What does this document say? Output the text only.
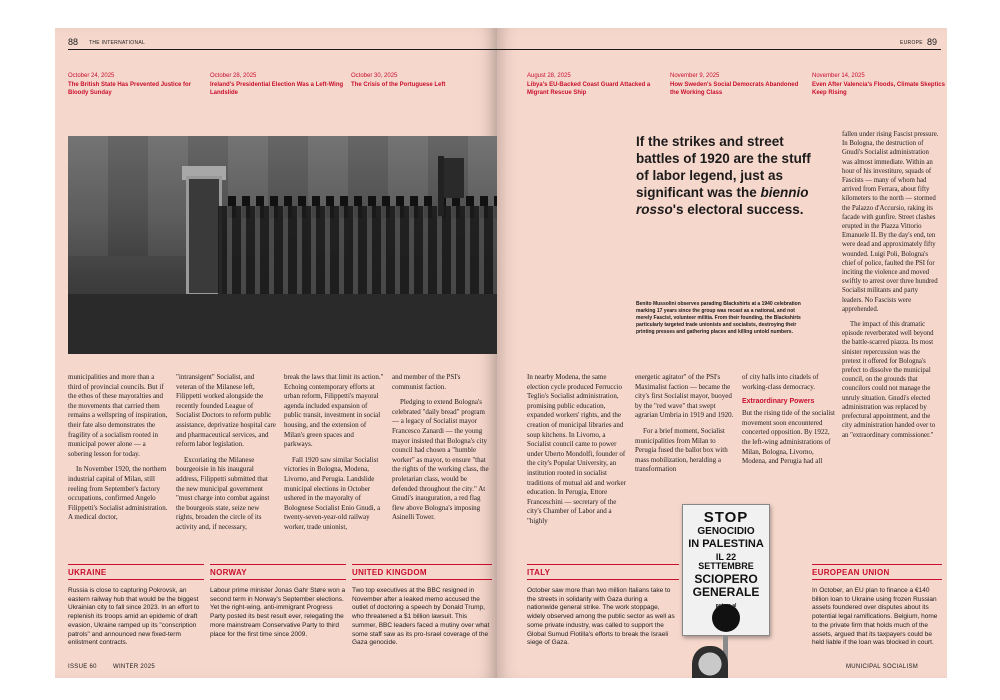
88 THE INTERNATIONAL
October 24, 2025
The British State Has Prevented Justice for Bloody Sunday
October 28, 2025
Ireland's Presidential Election Was a Left-Wing Landslide
October 30, 2025
The Crisis of the Portuguese Left

municipalities and more than a third of provincial councils. But if the ethos of these mayoralties and the movements that carried them remains a wellspring of inspiration, their fate also demonstrates the fragility of a socialism rooted in municipal power alone — a sobering lesson for today.

In November 1920, the northern industrial capital of Milan, still reeling from September's factory occupations, confirmed Angelo Filippetti's Socialist administration. A medical doctor,

"intransigent" Socialist, and veteran of the Milanese left, Filippetti worked alongside the recently founded League of Socialist Doctors to reform public assistance, deprivatize hospital care and pharmaceutical services, and reform labor legislation.

Excoriating the Milanese bourgeoisie in his inaugural address, Filippetti submitted that the new municipal government "must charge into combat against the bourgeois state, seize new rights, broaden the circle of its activity and, if necessary,

break the laws that limit its action." Echoing contemporary efforts at urban reform, Filippetti's mayoral agenda included expansion of public transit, investment in social housing, and the extension of Milan's green spaces and parkways.

Fall 1920 saw similar Socialist victories in Bologna, Modena, Livorno, and Perugia. Landslide municipal elections in October ushered in the mayoralty of Bolognese Socialist Enio Gnudi, a twenty-seven-year-old railway worker, trade unionist,

and member of the PSI's communist faction.

Pledging to extend Bologna's celebrated "daily bread" program — a legacy of Socialist mayor Francesco Zanardi — the young mayor insisted that Bologna's city council had chosen a "humble worker" as mayor, to ensure "that the rights of the working class, the proletarian class, would be defended throughout the city." At Gnudi's inauguration, a red flag flew above Bologna's imposing Asinelli Tower.

UKRAINE
Russia is close to capturing Pokrovsk, an eastern railway hub that would be the biggest Ukrainian city to fall since 2023. In an effort to replenish its troops amid an epidemic of draft evasion, Ukraine ramped up its "conscription patrols" and announced new fixed-term enlistment contracts.
NORWAY
Labour prime minister Jonas Gahr Støre won a second term in Norway's September elections. Yet the right-wing, anti-immigrant Progress Party posted its best result ever, relegating the more mainstream Conservative Party to third place for the first time since 2009.
UNITED KINGDOM
Two top executives at the BBC resigned in November after a leaked memo accused the outlet of doctoring a speech by Donald Trump, who threatened a $1 billion lawsuit. This summer, BBC leaders faced a mutiny over what some staff saw as its pro-Israel coverage of the Gaza genocide.
ISSUE 60	WINTER 2025
EUROPE 89
August 28, 2025
Libya's EU-Backed Coast Guard Attacked a Migrant Rescue Ship
November 9, 2025
How Sweden's Social Democrats Abandoned the Working Class
November 14, 2025
Even After Valencia's Floods, Climate Skeptics Keep Rising
If the strikes and street battles of 1920 are the stuff of labor legend, just as significant was the biennio rosso's electoral success.
Benito Mussolini observes parading Blackshirts at a 1940 celebration marking 17 years since the group was recast as a national, and not merely Fascist, volunteer militia. From their founding, the Blackshirts particularly targeted trade unionists and socialists, destroying their printing presses and gathering places and killing untold numbers.

In nearby Modena, the same election cycle produced Ferruccio Teglio's Socialist administration, promising public education, expanded workers' rights, and the creation of municipal libraries and soup kitchens. In Livorno, a Socialist council came to power under Uberto Mondolfi, founder of the city's Popular University, an institution rooted in socialist traditions of mutual aid and worker education. In Perugia, Ettore Franceschini — secretary of the city's Chamber of Labor and a "highly

energetic agitator" of the PSI's Maximalist faction — became the city's first Socialist mayor, buoyed by the "red wave" that swept agrarian Umbria in 1919 and 1920.

For a brief moment, Socialist municipalities from Milan to Perugia fused the ballot box with mass mobilization, heralding a transformation

of city halls into citadels of working-class democracy.

Extraordinary Powers

But the rising tide of the socialist movement soon encountered concerted opposition. By 1922, the left-wing administrations of Milan, Bologna, Livorno, Modena, and Perugia had all

fallen under rising Fascist pressure. In Bologna, the destruction of Gnudi's Socialist administration was almost immediate. Within an hour of his investiture, squads of Fascists — many of whom had arrived from Ferrara, about fifty kilometers to the north — stormed the Palazzo d'Accursio, raking its facade with gunfire. Street clashes erupted in the Piazza Vittorio Emanuele II. By the day's end, ten were dead and approximately fifty wounded. Luigi Poli, Bologna's chief of police, faulted the PSI for inciting the violence and moved swiftly to arrest over three hundred Socialist militants and party leaders. No Fascists were apprehended.

The impact of this dramatic episode reverberated well beyond the battle-scarred piazza. Its most sinister repercussion was the pretext it offered for Bologna's prefect to dissolve the municipal council, on the grounds that councilors could not manage the unruly situation. Gnudi's elected administration was replaced by prefectural appointment, and the city administration handed over to an "extraordinary commissioner."

ITALY
October saw more than two million Italians take to the streets in solidarity with Gaza during a nationwide general strike. The work stoppage, widely observed among the public sector as well as some private industry, was called to support the Global Sumud Flotilla's efforts to break the Israeli siege of Gaza.
EUROPEAN UNION
In October, an EU plan to finance a €140 billion loan to Ukraine using frozen Russian assets foundered over disputes about its potential legal ramifications. Belgium, home to the private firm that holds much of the assets, argued that its taxpayers could be held liable if the loan was blocked in court.
STOP
GENOCIDIO
IN PALESTINA
IL 22 SETTEMBRE
SCIOPERO
GENERALE
potere al popolo!
MUNICIPAL SOCIALISM
